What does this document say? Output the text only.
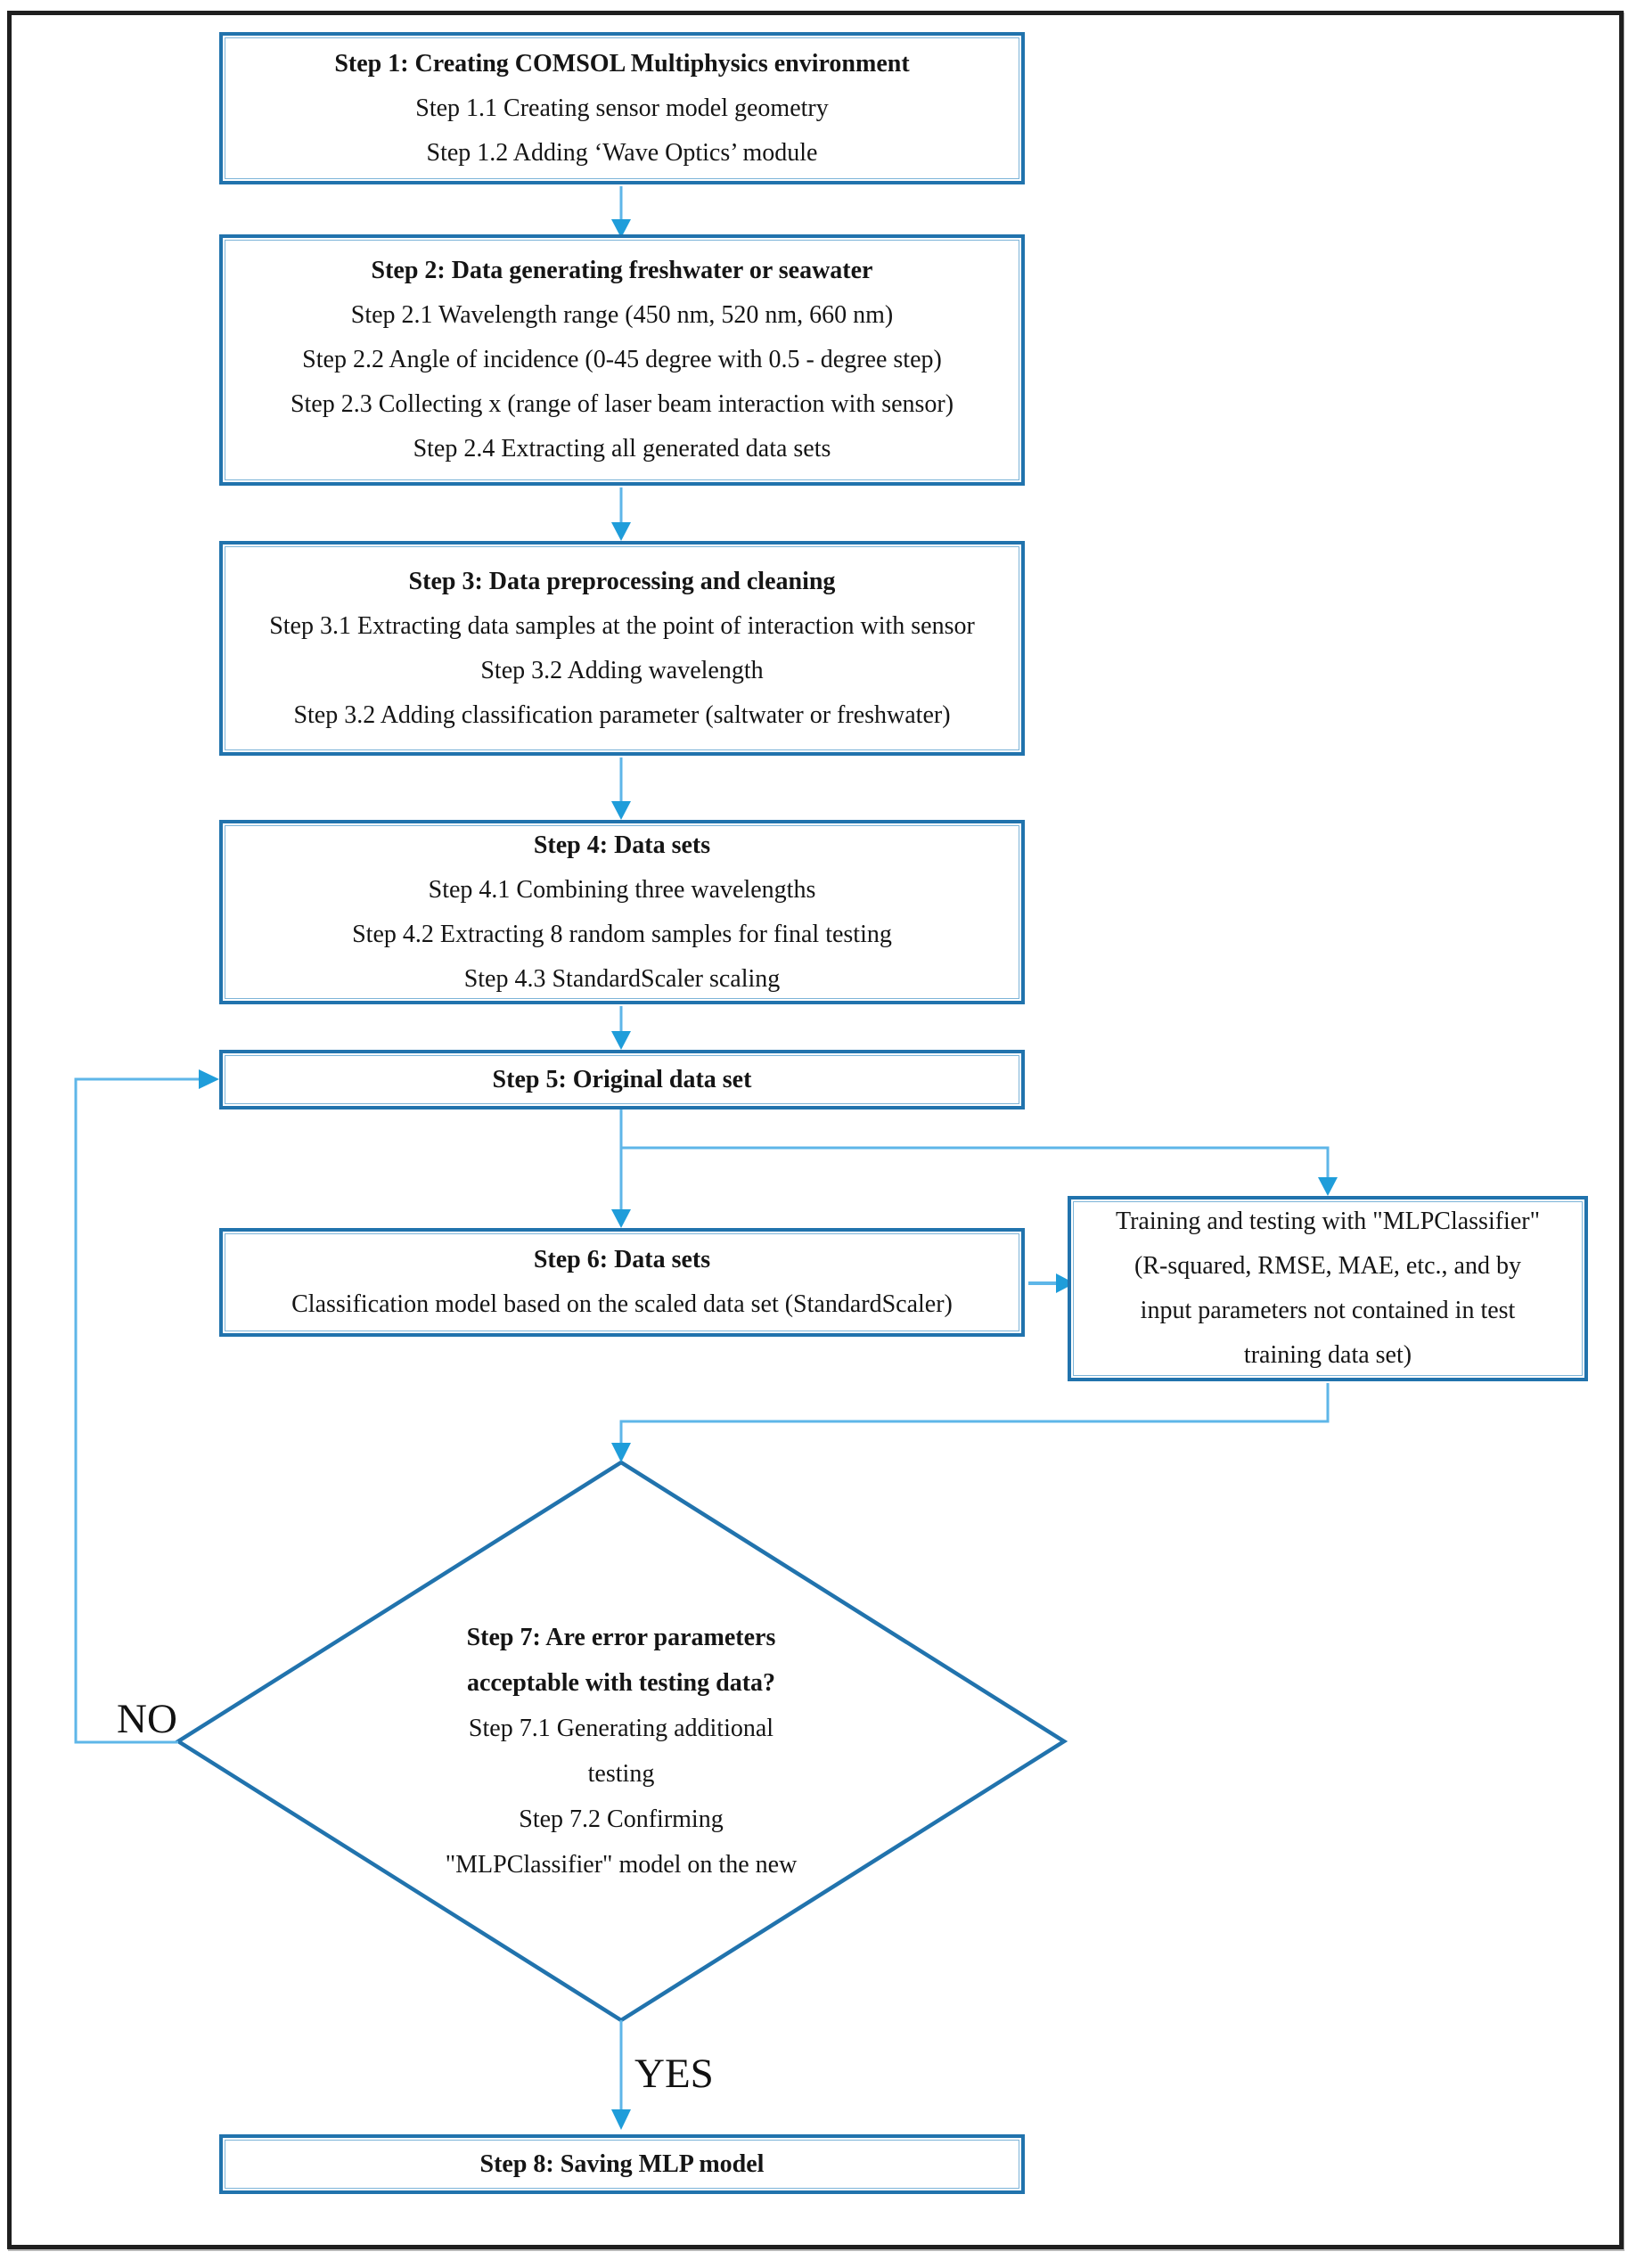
Step 1: Creating COMSOL Multiphysics environment
Step 1.1 Creating sensor model geometry
Step 1.2 Adding ‘Wave Optics’ module
Step 2: Data generating freshwater or seawater
Step 2.1 Wavelength range (450 nm, 520 nm, 660 nm)
Step 2.2 Angle of incidence (0-45 degree with 0.5 - degree step)
Step 2.3 Collecting x (range of laser beam interaction with sensor)
Step 2.4 Extracting all generated data sets
Step 3: Data preprocessing and cleaning
Step 3.1 Extracting data samples at the point of interaction with sensor
Step 3.2 Adding wavelength
Step 3.2 Adding classification parameter (saltwater or freshwater)
Step 4: Data sets
Step 4.1 Combining three wavelengths
Step 4.2 Extracting 8 random samples for final testing
Step 4.3 StandardScaler scaling
Step 5: Original data set
Step 6: Data sets
Classification model based on the scaled data set (StandardScaler)
Training and testing with "MLPClassifier"
(R-squared, RMSE, MAE, etc., and by
input parameters not contained in test
training data set)
Step 7: Are error parameters
acceptable with testing data?
Step 7.1 Generating additional
testing
Step 7.2 Confirming
"MLPClassifier" model on the new
Step 8: Saving MLP model
NO
YES
